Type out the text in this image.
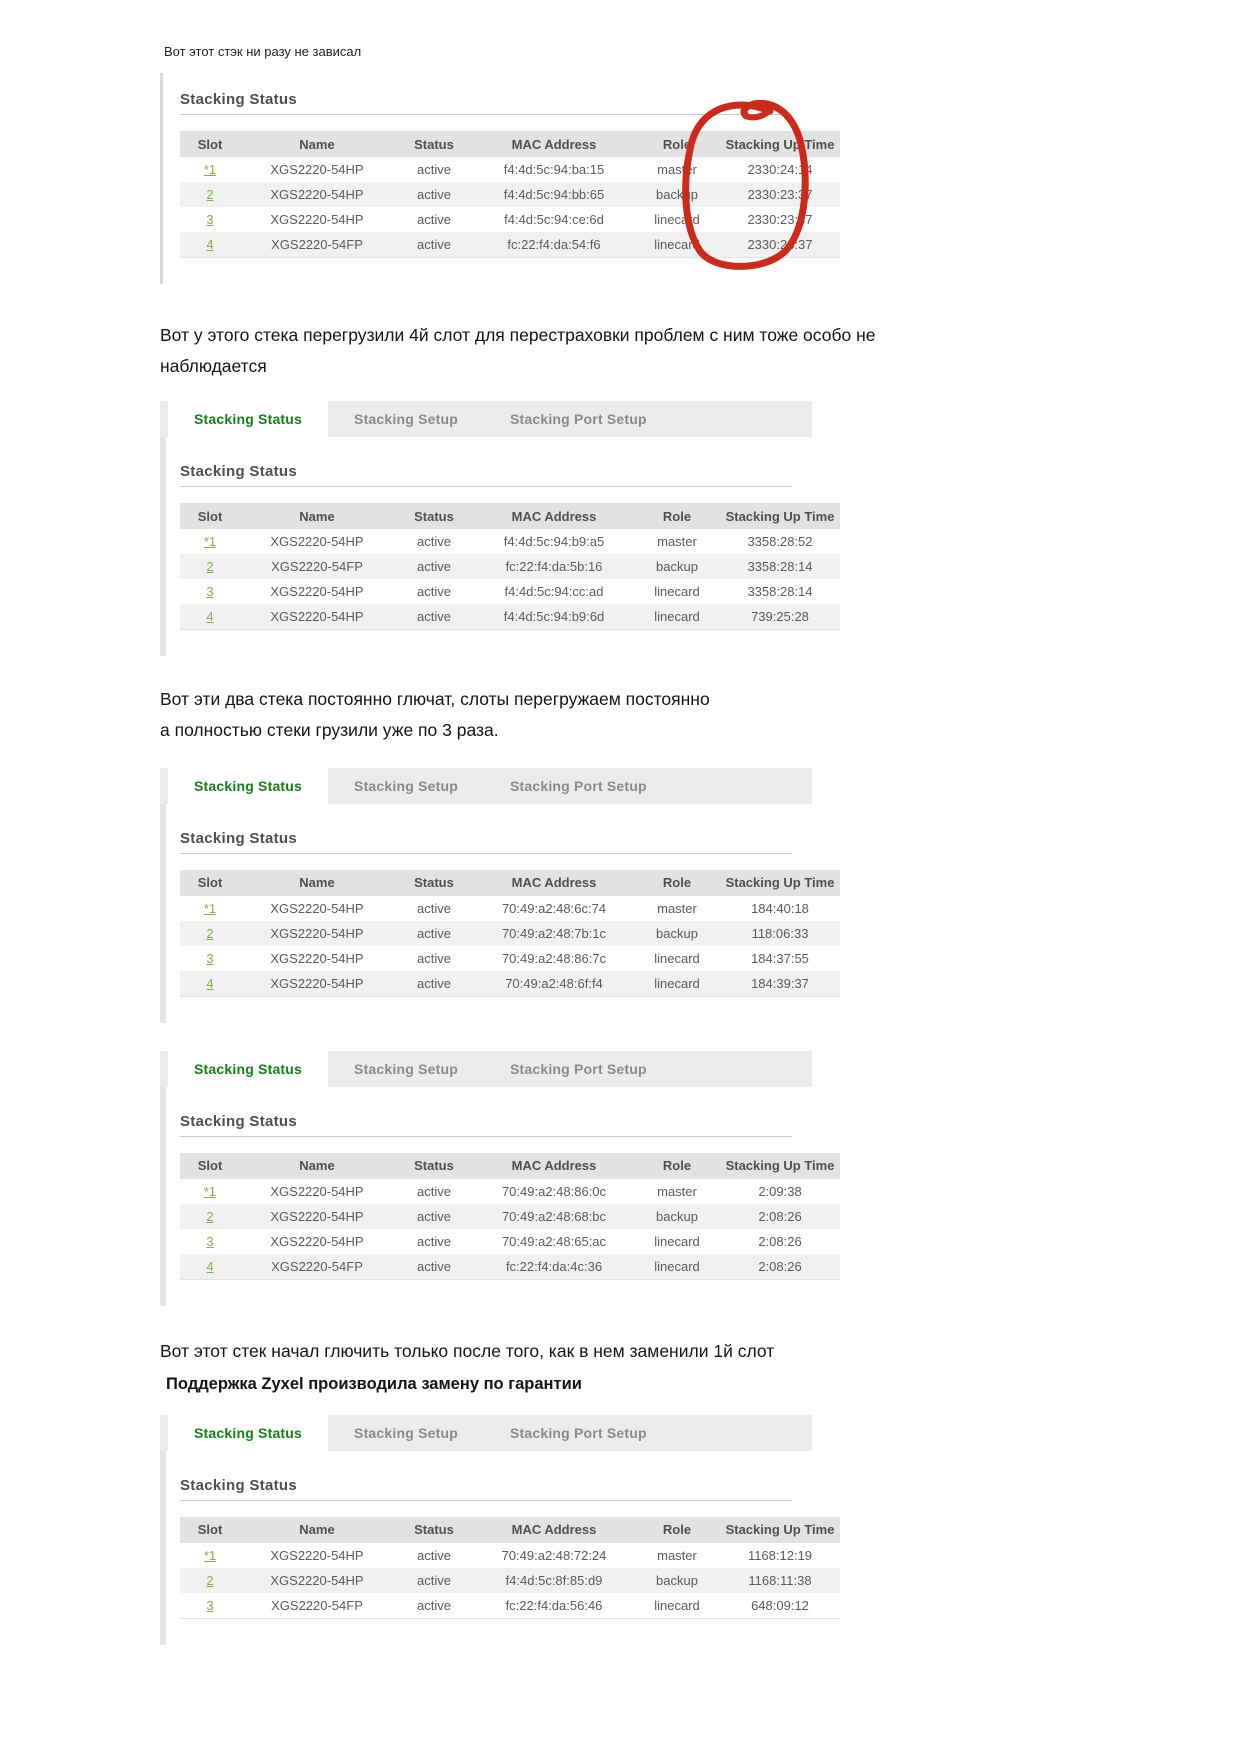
Вот этот стэк ни разу не зависал
Stacking Status
Slot	Name	Status	MAC Address	Role	Stacking Up Time
*1	XGS2220-54HP	active	f4:4d:5c:94:ba:15	master	2330:24:14
2	XGS2220-54HP	active	f4:4d:5c:94:bb:65	backup	2330:23:37
3	XGS2220-54HP	active	f4:4d:5c:94:ce:6d	linecard	2330:23:37
4	XGS2220-54FP	active	fc:22:f4:da:54:f6	linecard	2330:23:37

Вот у этого стека перегрузили 4й слот для перестраховки проблем с ним тоже особо не
наблюдается

Stacking Status	Stacking Setup	Stacking Port Setup
Stacking Status
Slot	Name	Status	MAC Address	Role	Stacking Up Time
*1	XGS2220-54HP	active	f4:4d:5c:94:b9:a5	master	3358:28:52
2	XGS2220-54FP	active	fc:22:f4:da:5b:16	backup	3358:28:14
3	XGS2220-54HP	active	f4:4d:5c:94:cc:ad	linecard	3358:28:14
4	XGS2220-54HP	active	f4:4d:5c:94:b9:6d	linecard	739:25:28

Вот эти два стека постоянно глючат, слоты перегружаем постоянно
а полностью стеки грузили уже по 3 раза.

Stacking Status	Stacking Setup	Stacking Port Setup
Stacking Status
Slot	Name	Status	MAC Address	Role	Stacking Up Time
*1	XGS2220-54HP	active	70:49:a2:48:6c:74	master	184:40:18
2	XGS2220-54HP	active	70:49:a2:48:7b:1c	backup	118:06:33
3	XGS2220-54HP	active	70:49:a2:48:86:7c	linecard	184:37:55
4	XGS2220-54HP	active	70:49:a2:48:6f:f4	linecard	184:39:37
Stacking Status	Stacking Setup	Stacking Port Setup
Stacking Status
Slot	Name	Status	MAC Address	Role	Stacking Up Time
*1	XGS2220-54HP	active	70:49:a2:48:86:0c	master	2:09:38
2	XGS2220-54HP	active	70:49:a2:48:68:bc	backup	2:08:26
3	XGS2220-54HP	active	70:49:a2:48:65:ac	linecard	2:08:26
4	XGS2220-54FP	active	fc:22:f4:da:4c:36	linecard	2:08:26

Вот этот стек начал глючить только после того, как в нем заменили 1й слот

Поддержка Zyxel производила замену по гарантии

Stacking Status	Stacking Setup	Stacking Port Setup
Stacking Status
Slot	Name	Status	MAC Address	Role	Stacking Up Time
*1	XGS2220-54HP	active	70:49:a2:48:72:24	master	1168:12:19
2	XGS2220-54HP	active	f4:4d:5c:8f:85:d9	backup	1168:11:38
3	XGS2220-54FP	active	fc:22:f4:da:56:46	linecard	648:09:12
